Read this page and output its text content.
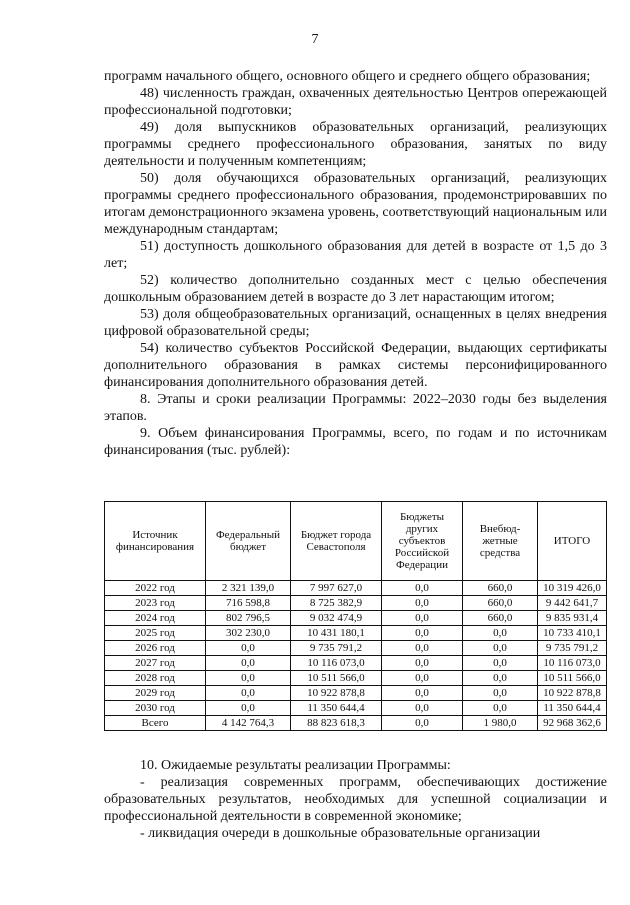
7

программ начального общего, основного общего и среднего общего образования;

48) численность граждан, охваченных деятельностью Центров опережающей профессиональной подготовки;

49) доля выпускников образовательных организаций, реализующих программы среднего профессионального образования, занятых по виду деятельности и полученным компетенциям;

50) доля обучающихся образовательных организаций, реализующих программы среднего профессионального образования, продемонстрировавших по итогам демонстрационного экзамена уровень, соответствующий национальным или международным стандартам;

51) доступность дошкольного образования для детей в возрасте от 1,5 до 3 лет;

52) количество дополнительно созданных мест с целью обеспечения дошкольным образованием детей в возрасте до 3 лет нарастающим итогом;

53) доля общеобразовательных организаций, оснащенных в целях внедрения цифровой образовательной среды;

54) количество субъектов Российской Федерации, выдающих сертификаты дополнительного образования в рамках системы персонифицированного финансирования дополнительного образования детей.

8. Этапы и сроки реализации Программы: 2022–2030 годы без выделения этапов.

9. Объем финансирования Программы, всего, по годам и по источникам финансирования (тыс. рублей):

Источник финансирования	Федеральный бюджет	Бюджет города Севастополя	Бюджеты других субъектов Российской Федерации	Внебюд-жетные средства	ИТОГО
2022 год	2 321 139,0	7 997 627,0	0,0	660,0	10 319 426,0
2023 год	716 598,8	8 725 382,9	0,0	660,0	9 442 641,7
2024 год	802 796,5	9 032 474,9	0,0	660,0	9 835 931,4
2025 год	302 230,0	10 431 180,1	0,0	0,0	10 733 410,1
2026 год	0,0	9 735 791,2	0,0	0,0	9 735 791,2
2027 год	0,0	10 116 073,0	0,0	0,0	10 116 073,0
2028 год	0,0	10 511 566,0	0,0	0,0	10 511 566,0
2029 год	0,0	10 922 878,8	0,0	0,0	10 922 878,8
2030 год	0,0	11 350 644,4	0,0	0,0	11 350 644,4
Всего	4 142 764,3	88 823 618,3	0,0	1 980,0	92 968 362,6

10. Ожидаемые результаты реализации Программы:

- реализация современных программ, обеспечивающих достижение образовательных результатов, необходимых для успешной социализации и профессиональной деятельности в современной экономике;

- ликвидация очереди в дошкольные образовательные организации
